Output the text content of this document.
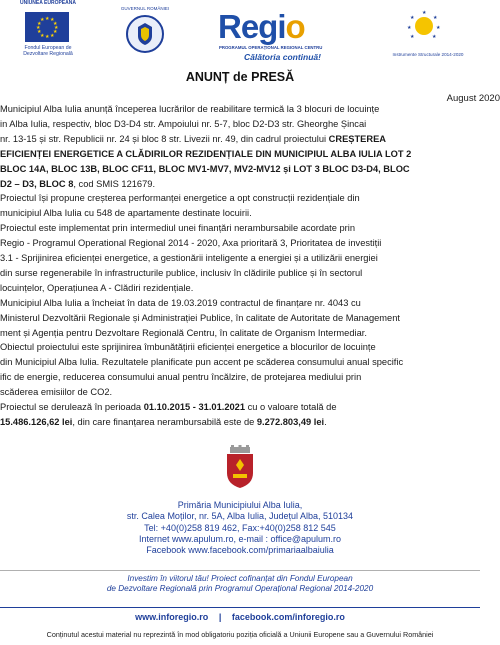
UNIUNEA EUROPEANĂ
★ ★
★
★
★
★
★
★
★
★
★
★
Fondul European de Dezvoltare Regională
GUVERNUL ROMÂNIEI Regio
PROGRAMUL OPERAȚIONAL REGIONAL CENTRU
Călătoria continuă!
★
★
★
★
★
★
★
Instrumente Structurale 2014-2020
ANUNȚ de PRESĂ
August 2020
Municipiul Alba Iulia anunță începerea lucrărilor de reabilitare termică la 3 blocuri de locuințe
in Alba Iulia, respectiv, bloc D3-D4 str. Ampoiului nr. 5-7, bloc D2-D3 str. Gheorghe Șincai
nr. 13-15 și str. Republicii nr. 24 și bloc 8 str. Livezii nr. 49, din cadrul proiectului CREȘTEREA
EFICIENȚEI ENERGETICE A CLĂDIRILOR REZIDENȚIALE DIN MUNICIPIUL ALBA IULIA LOT 2
BLOC 14A, BLOC 13B, BLOC CF11, BLOC MV1-MV7, MV2-MV12 și LOT 3 BLOC D3-D4, BLOC
D2 – D3, BLOC 8, cod SMIS 121679.
Proiectul își propune creșterea performanței energetice a opt construcții rezidențiale din
municipiul Alba Iulia cu 548 de apartamente destinate locuirii.
Proiectul este implementat prin intermediul unei finanțări nerambursabile acordate prin
Regio - Programul Operational Regional 2014 - 2020, Axa prioritară 3, Prioritatea de investiții
3.1 - Sprijinirea eficienței energetice, a gestionării inteligente a energiei și a utilizării energiei
din surse regenerabile în infrastructurile publice, inclusiv în clădirile publice și în sectorul
locuințelor, Operațiunea A - Clădiri rezidențiale.
Municipiul Alba Iulia a încheiat în data de 19.03.2019 contractul de finanțare nr. 4043 cu
Ministerul Dezvoltării Regionale și Administrației Publice, în calitate de Autoritate de Management
ment și Agenția pentru Dezvoltare Regională Centru, în calitate de Organism Intermediar.
Obiectul proiectului este sprijinirea îmbunătățirii eficienței energetice a blocurilor de locuințe
din Municipiul Alba Iulia. Rezultatele planificate pun accent pe scăderea consumului anual specific
ific de energie, reducerea consumului anual pentru încălzire, de protejarea mediului prin
scăderea emisiilor de CO2.
Proiectul se derulează în perioada 01.10.2015 - 31.01.2021 cu o valoare totală de
15.486.126,62 lei, din care finanțarea nerambursabilă este de 9.272.803,49 lei.
Primăria Municipiului Alba Iulia,
str. Calea Moților, nr. 5A, Alba Iulia, Județul Alba, 510134
Tel: +40(0)258 819 462, Fax:+40(0)258 812 545
Internet www.apulum.ro, e-mail : office@apulum.ro
Facebook www.facebook.com/primariaalbaiulia
Investim în viitorul tău! Proiect cofinanțat din Fondul European
de Dezvoltare Regională prin Programul Operațional Regional 2014-2020
www.inforegio.ro | facebook.com/inforegio.ro
Conținutul acestui material nu reprezintă în mod obligatoriu poziția oficială a Uniunii Europene sau a Guvernului României
